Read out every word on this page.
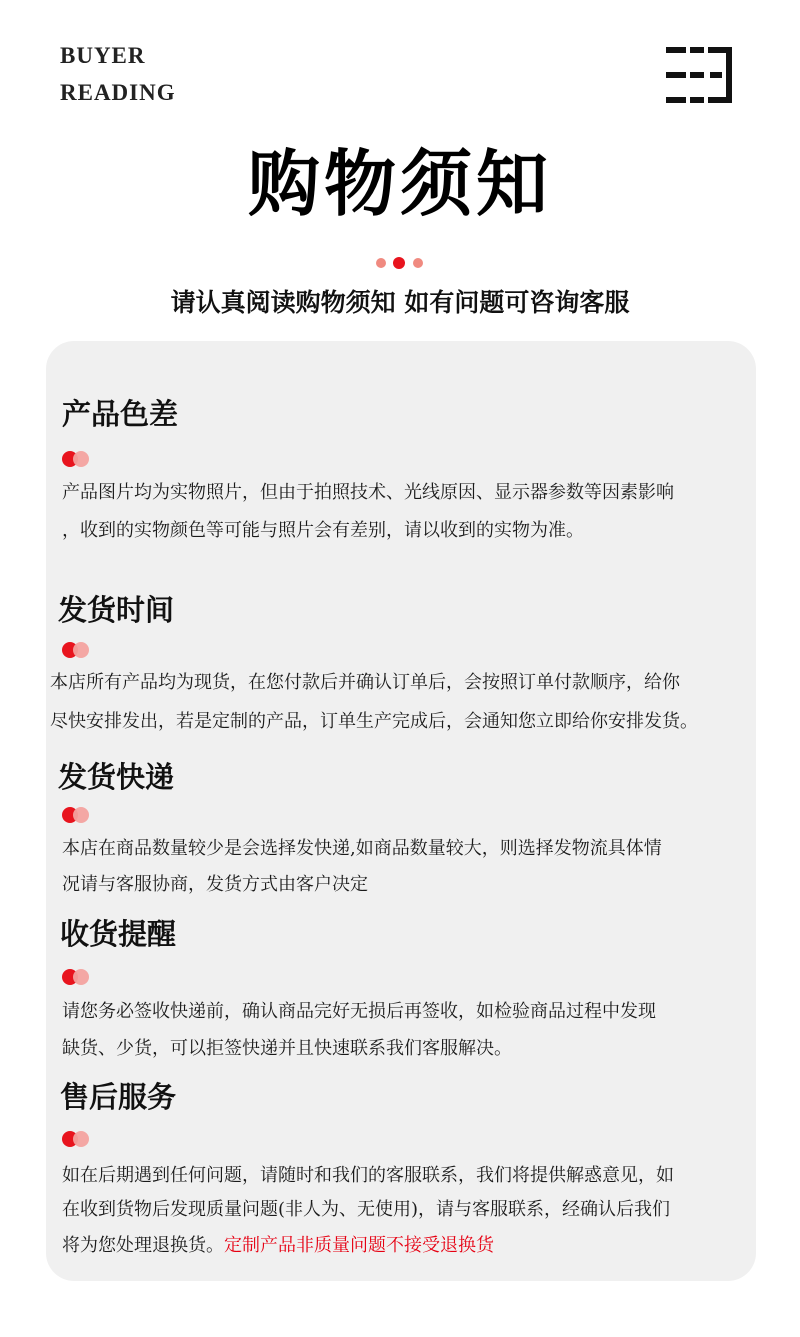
BUYER
READING
购物须知
请认真阅读购物须知 如有问题可咨询客服
产品色差
产品图片均为实物照片，但由于拍照技术、光线原因、显示器参数等因素影响
，收到的实物颜色等可能与照片会有差别，请以收到的实物为准。
发货时间
本店所有产品均为现货，在您付款后并确认订单后，会按照订单付款顺序，给你
尽快安排发出，若是定制的产品，订单生产完成后，会通知您立即给你安排发货。
发货快递
本店在商品数量较少是会选择发快递,如商品数量较大，则选择发物流具体情
况请与客服协商，发货方式由客户决定
收货提醒
请您务必签收快递前，确认商品完好无损后再签收，如检验商品过程中发现
缺货、少货，可以拒签快递并且快速联系我们客服解决。
售后服务
如在后期遇到任何问题，请随时和我们的客服联系，我们将提供解惑意见，如
在收到货物后发现质量问题(非人为、无使用)，请与客服联系，经确认后我们
将为您处理退换货。定制产品非质量问题不接受退换货
